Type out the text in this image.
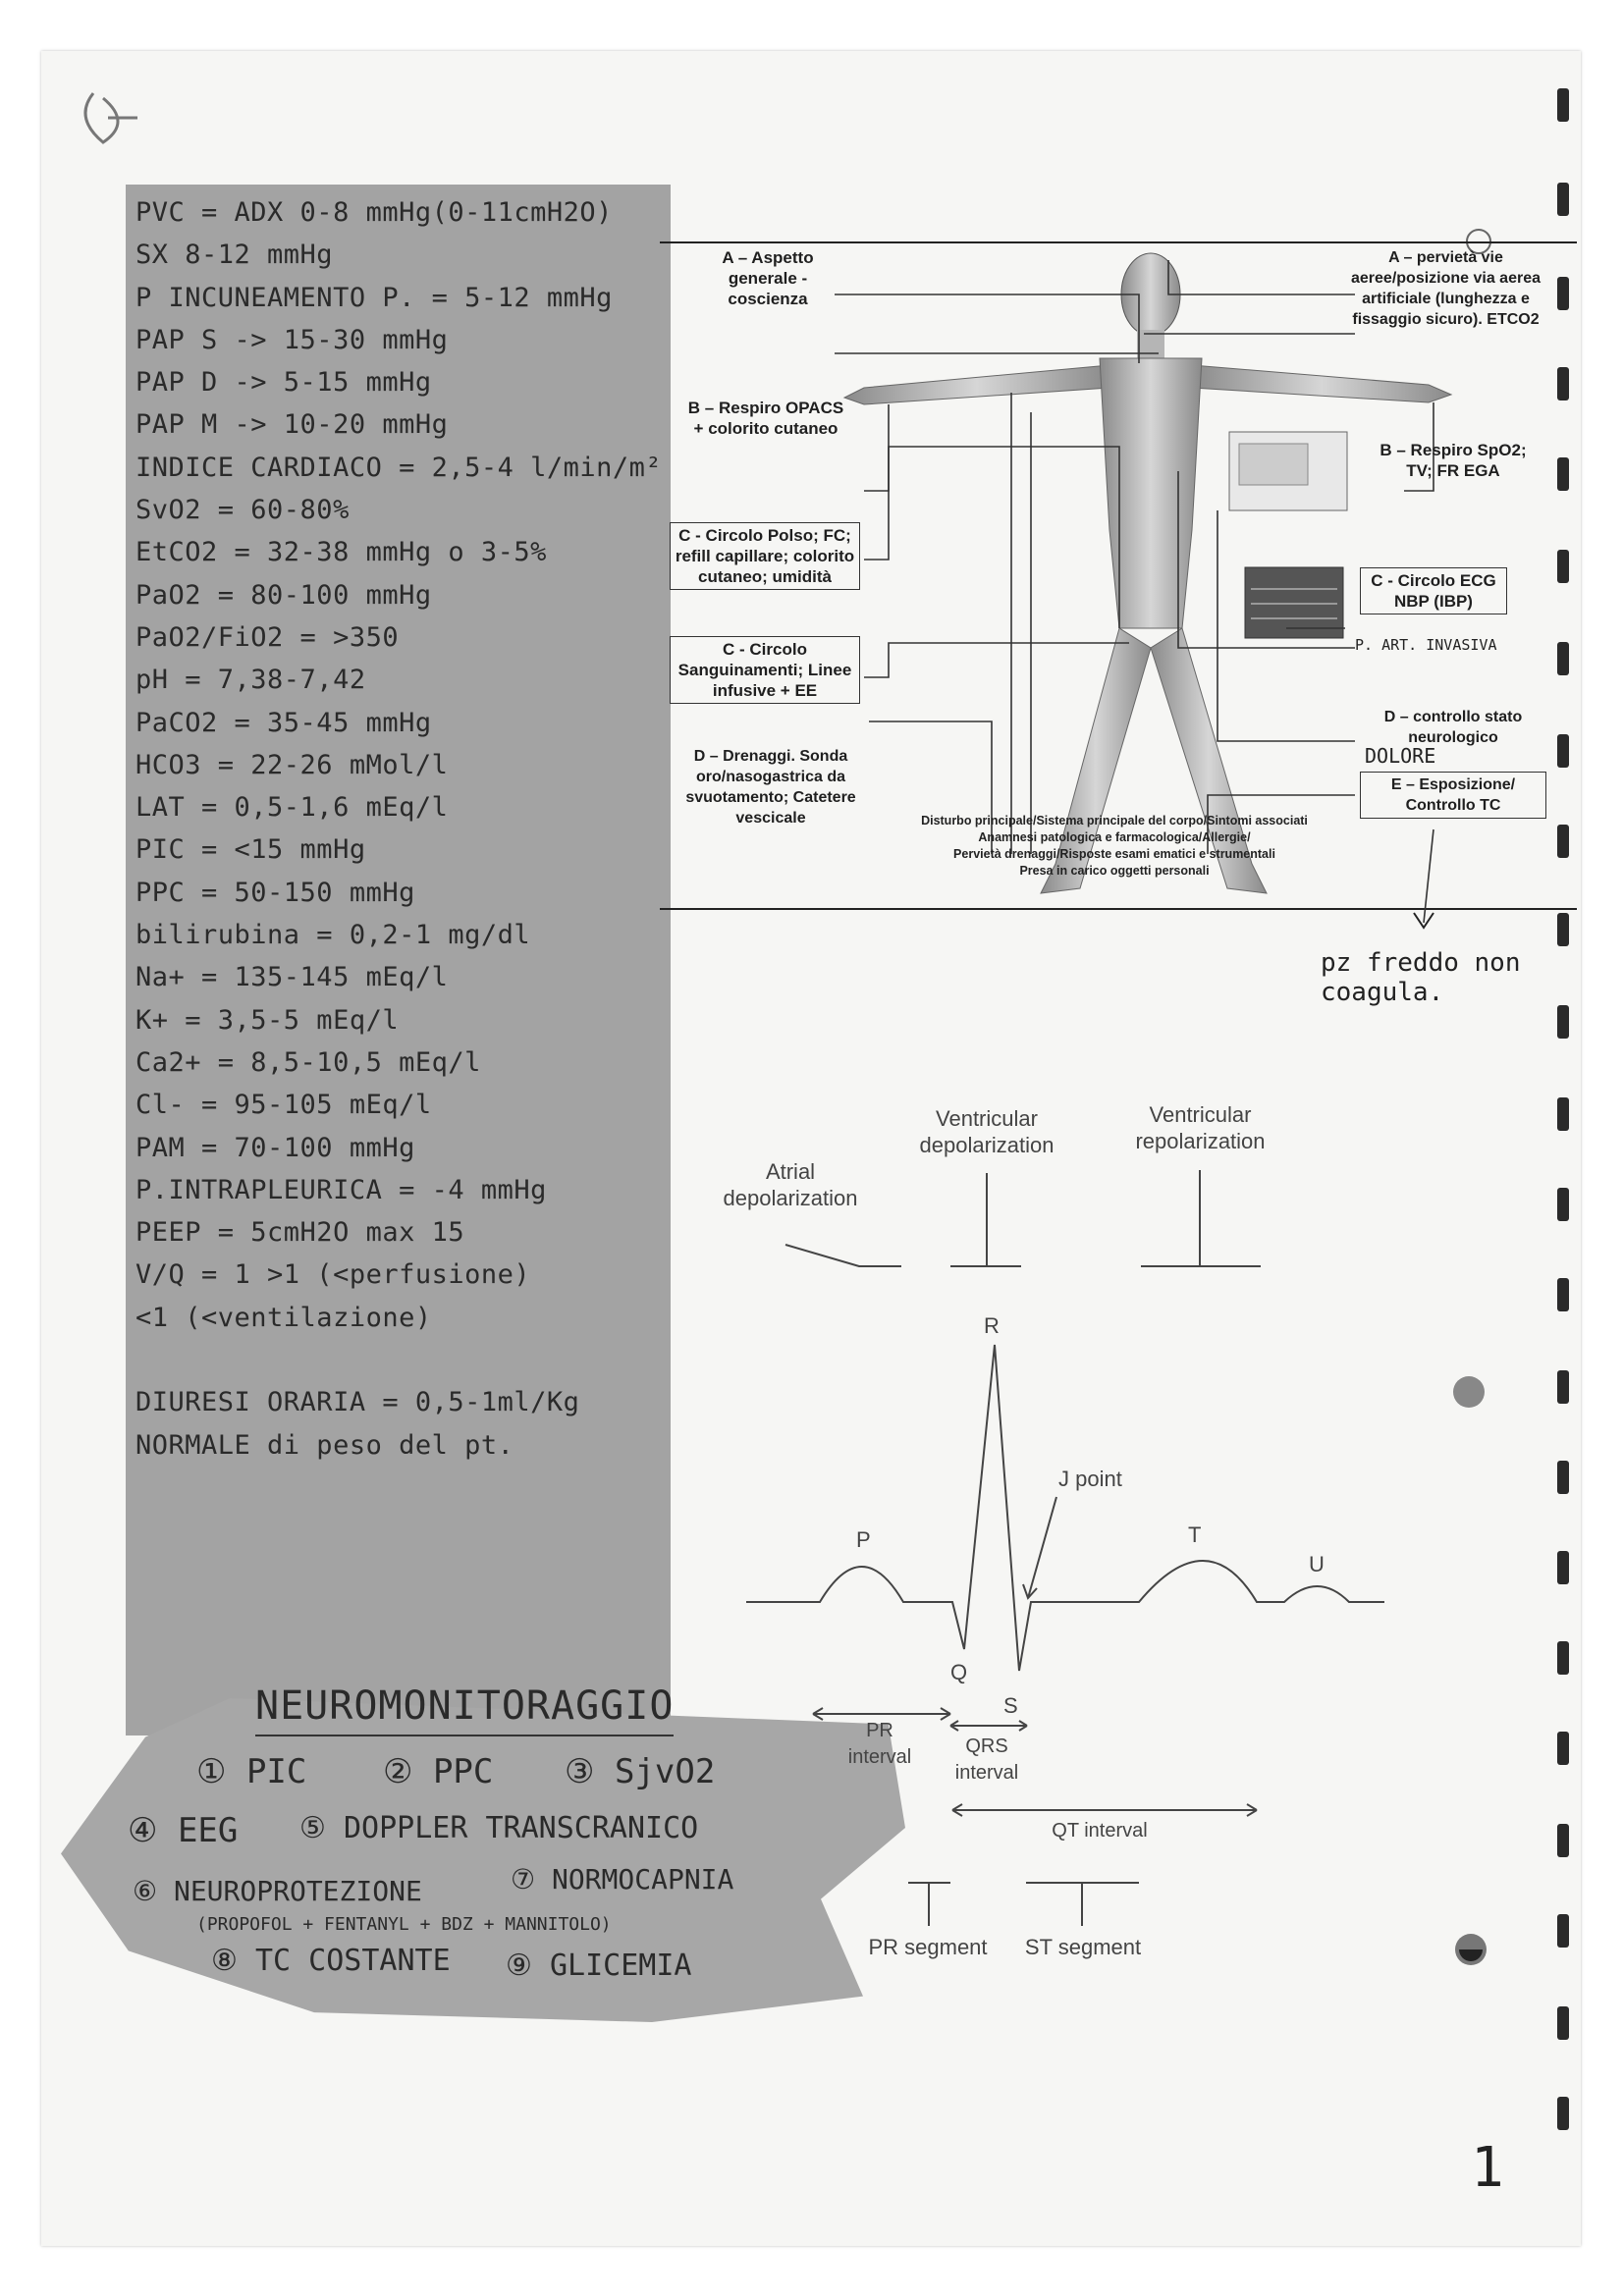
PVC = ADX 0-8 mmHg(0-11cmH2O)
SX 8-12 mmHg
P INCUNEAMENTO P. = 5-12 mmHg
PAP S -> 15-30 mmHg
PAP D -> 5-15 mmHg
PAP M -> 10-20 mmHg
INDICE CARDIACO = 2,5-4 l/min/m²
SvO2 = 60-80%
EtCO2 = 32-38 mmHg o 3-5%
PaO2 = 80-100 mmHg
PaO2/FiO2 = >350
pH = 7,38-7,42
PaCO2 = 35-45 mmHg
HCO3 = 22-26 mMol/l
LAT = 0,5-1,6 mEq/l
PIC = <15 mmHg
PPC = 50-150 mmHg
bilirubina = 0,2-1 mg/dl
Na+ = 135-145 mEq/l
K+ = 3,5-5 mEq/l
Ca2+ = 8,5-10,5 mEq/l
Cl- = 95-105 mEq/l
PAM = 70-100 mmHg
P.INTRAPLEURICA = -4 mmHg
PEEP = 5cmH2O max 15
V/Q = 1 >1 (<perfusione)
<1 (<ventilazione)
DIURESI ORARIA = 0,5-1ml/Kg
NORMALE di peso del pt.
NEUROMONITORAGGIO
① PIC ② PPC ③ SjvO2
④ EEG ⑤ DOPPLER TRANSCRANICO
⑥ NEUROPROTEZIONE	⑦ NORMOCAPNIA
(PROPOFOL + FENTANYL + BDZ + MANNITOLO)
⑧ TC COSTANTE ⑨ GLICEMIA
A – Aspetto generale - coscienza
B – Respiro OPACS + colorito cutaneo
C - Circolo Polso; FC; refill capillare; colorito cutaneo; umidità
C - Circolo Sanguinamenti; Linee infusive + EE
D – Drenaggi. Sonda oro/nasogastrica da svuotamento; Catetere vescicale
A – pervietà vie aeree/posizione via aerea artificiale (lunghezza e fissaggio sicuro). ETCO2
B – Respiro SpO2; TV; FR EGA
C - Circolo ECG NBP (IBP)
D – controllo stato neurologico
E – Esposizione/ Controllo TC
Disturbo principale/Sistema principale del corpo/Sintomi associati
Anamnesi patologica e farmacologica/Allergie/
Pervietà drenaggi/Risposte esami ematici e strumentali
Presa in carico oggetti personali
P. ART. INVASIVA
DOLORE
pz freddo non coagula.
Atrial depolarization
Ventricular depolarization
Ventricular repolarization
R
P	T
U
Q
S
J point
PR interval	QRS interval
QT interval
PR segment	ST segment
1
